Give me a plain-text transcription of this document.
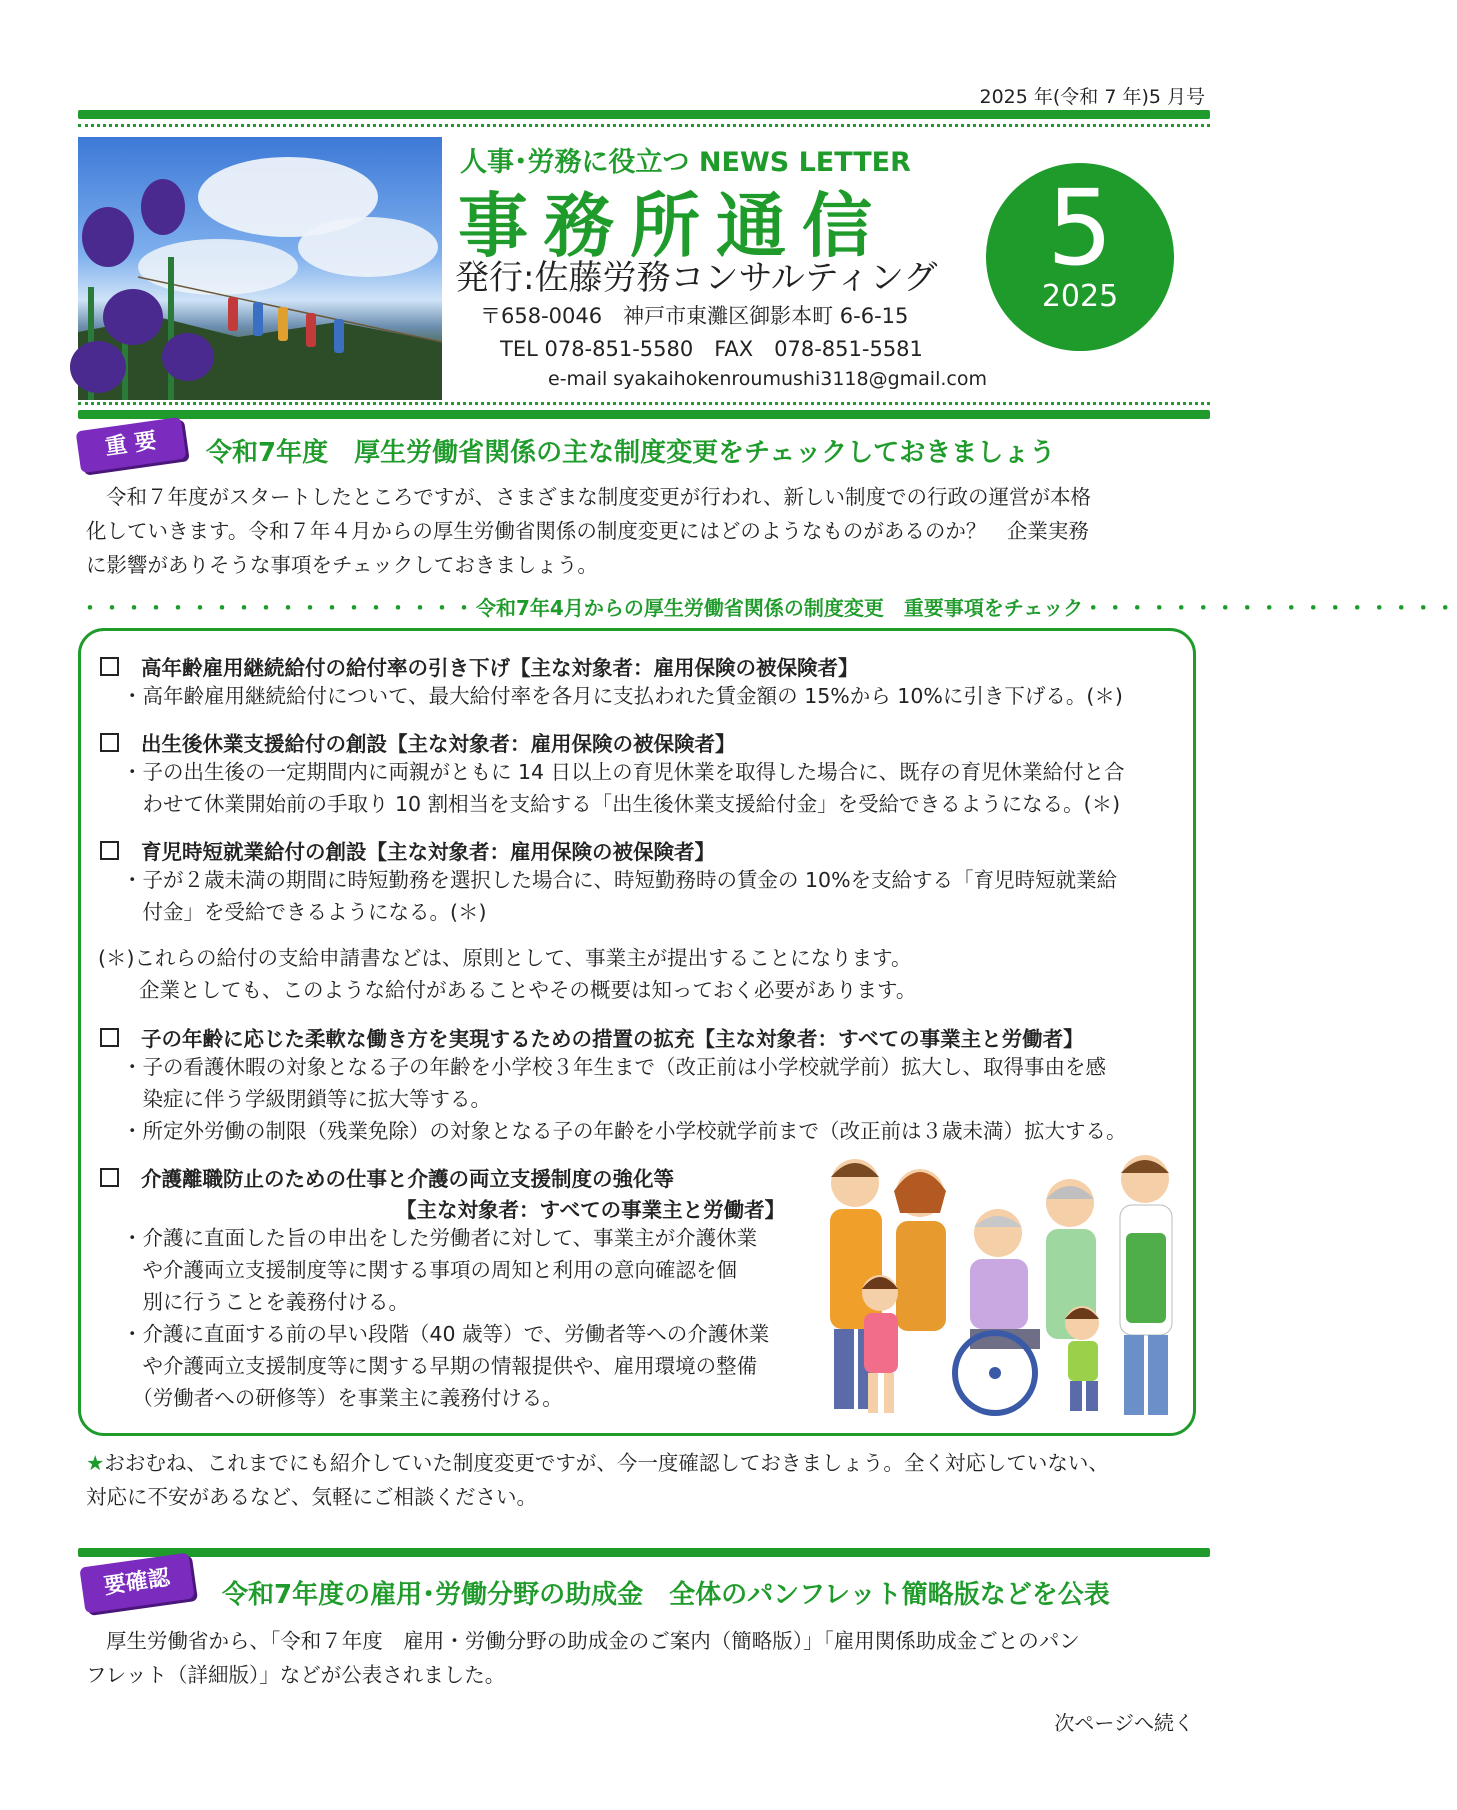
2025 年(令和 7 年)5 月号
人事･労務に役立つ NEWS LETTER
事務所通信
発行:佐藤労務コンサルティング
〒658-0046　神戸市東灘区御影本町 6-6-15
TEL 078-851-5580　FAX　078-851-5581
e-mail syakaihokenroumushi3118@gmail.com
5
2025
重 要	令和7年度　厚生労働省関係の主な制度変更をチェックしておきましょう
令和７年度がスタートしたところですが、さまざまな制度変更が行われ、新しい制度での行政の運営が本格
化していきます。令和７年４月からの厚生労働省関係の制度変更にはどのようなものがあるのか？　企業実務
に影響がありそうな事項をチェックしておきましょう。
・・・・・・・・・・・・・・・・・・令和7年4月からの厚生労働省関係の制度変更　重要事項をチェック・・・・・・・・・・・・・・・・・
高年齢雇用継続給付の給付率の引き下げ【主な対象者：雇用保険の被保険者】
・高年齢雇用継続給付について、最大給付率を各月に支払われた賃金額の 15%から 10%に引き下げる。(＊)
出生後休業支援給付の創設【主な対象者：雇用保険の被保険者】
・子の出生後の一定期間内に両親がともに 14 日以上の育児休業を取得した場合に、既存の育児休業給付と合
　わせて休業開始前の手取り 10 割相当を支給する「出生後休業支援給付金」を受給できるようになる。(＊)
育児時短就業給付の創設【主な対象者：雇用保険の被保険者】
・子が２歳未満の期間に時短勤務を選択した場合に、時短勤務時の賃金の 10%を支給する「育児時短就業給
　付金」を受給できるようになる。(＊)
(＊)これらの給付の支給申請書などは、原則として、事業主が提出することになります。
　　企業としても、このような給付があることやその概要は知っておく必要があります。
子の年齢に応じた柔軟な働き方を実現するための措置の拡充【主な対象者：すべての事業主と労働者】
・子の看護休暇の対象となる子の年齢を小学校３年生まで（改正前は小学校就学前）拡大し、取得事由を感
　染症に伴う学級閉鎖等に拡大等する。
・所定外労働の制限（残業免除）の対象となる子の年齢を小学校就学前まで（改正前は３歳未満）拡大する。
介護離職防止のための仕事と介護の両立支援制度の強化等
【主な対象者：すべての事業主と労働者】
・介護に直面した旨の申出をした労働者に対して、事業主が介護休業
　や介護両立支援制度等に関する事項の周知と利用の意向確認を個
　別に行うことを義務付ける。
・介護に直面する前の早い段階（40 歳等）で、労働者等への介護休業
　や介護両立支援制度等に関する早期の情報提供や、雇用環境の整備
　（労働者への研修等）を事業主に義務付ける。
★おおむね、これまでにも紹介していた制度変更ですが、今一度確認しておきましょう。全く対応していない、
対応に不安があるなど、気軽にご相談ください。
要確認	令和7年度の雇用･労働分野の助成金　全体のパンフレット簡略版などを公表
厚生労働省から、「令和７年度　雇用・労働分野の助成金のご案内（簡略版）」「雇用関係助成金ごとのパン
フレット（詳細版）」などが公表されました。
次ページへ続く
